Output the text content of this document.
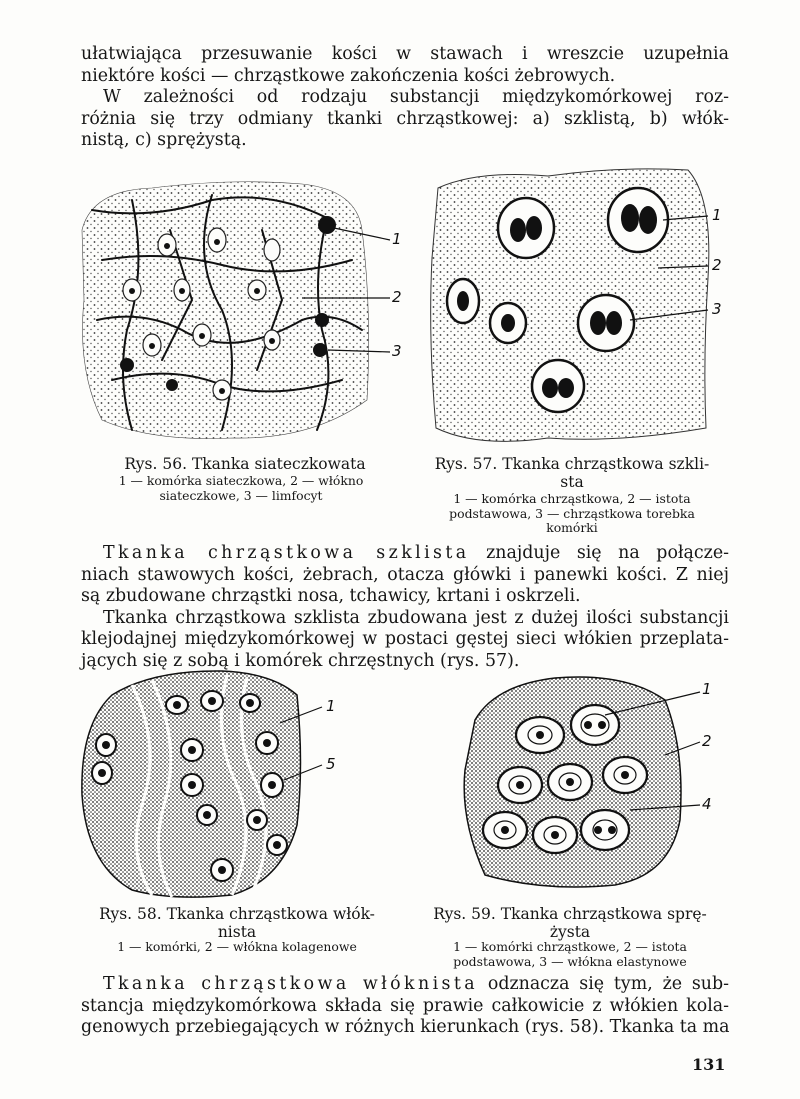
ułatwiająca przesuwanie kości w stawach i wreszcie uzupełnia
niektóre kości — chrząstkowe zakończenia kości żebrowych.
W zależności od rodzaju substancji międzykomórkowej roz-
różnia się trzy odmiany tkanki chrząstkowej: a) szklistą, b) włók-
nistą, c) sprężystą.
1
2
3
Rys. 56. Tkanka siateczkowata
1 — komórka siateczkowa, 2 — włókno
siateczkowe, 3 — limfocyt
1
2
3
Rys. 57. Tkanka chrząstkowa szkli-
sta
1 — komórka chrząstkowa, 2 — istota
podstawowa, 3 — chrząstkowa torebka
komórki
Tkanka chrząstkowa szklista znajduje się na połącze-
niach stawowych kości, żebrach, otacza główki i panewki kości. Z niej
są zbudowane chrząstki nosa, tchawicy, krtani i oskrzeli.
Tkanka chrząstkowa szklista zbudowana jest z dużej ilości substancji
klejodajnej międzykomórkowej w postaci gęstej sieci włókien przeplata-
jących się z sobą i komórek chrzęstnych (rys. 57).
1
5
Rys. 58. Tkanka chrząstkowa włók-
nista
1 — komórki, 2 — włókna kolagenowe
1
2
4
Rys. 59. Tkanka chrząstkowa sprę-
żysta
1 — komórki chrząstkowe, 2 — istota
podstawowa, 3 — włókna elastynowe
Tkanka chrząstkowa włóknista odznacza się tym, że sub-
stancja międzykomórkowa składa się prawie całkowicie z włókien kola-
genowych przebiegających w różnych kierunkach (rys. 58). Tkanka ta ma
131
